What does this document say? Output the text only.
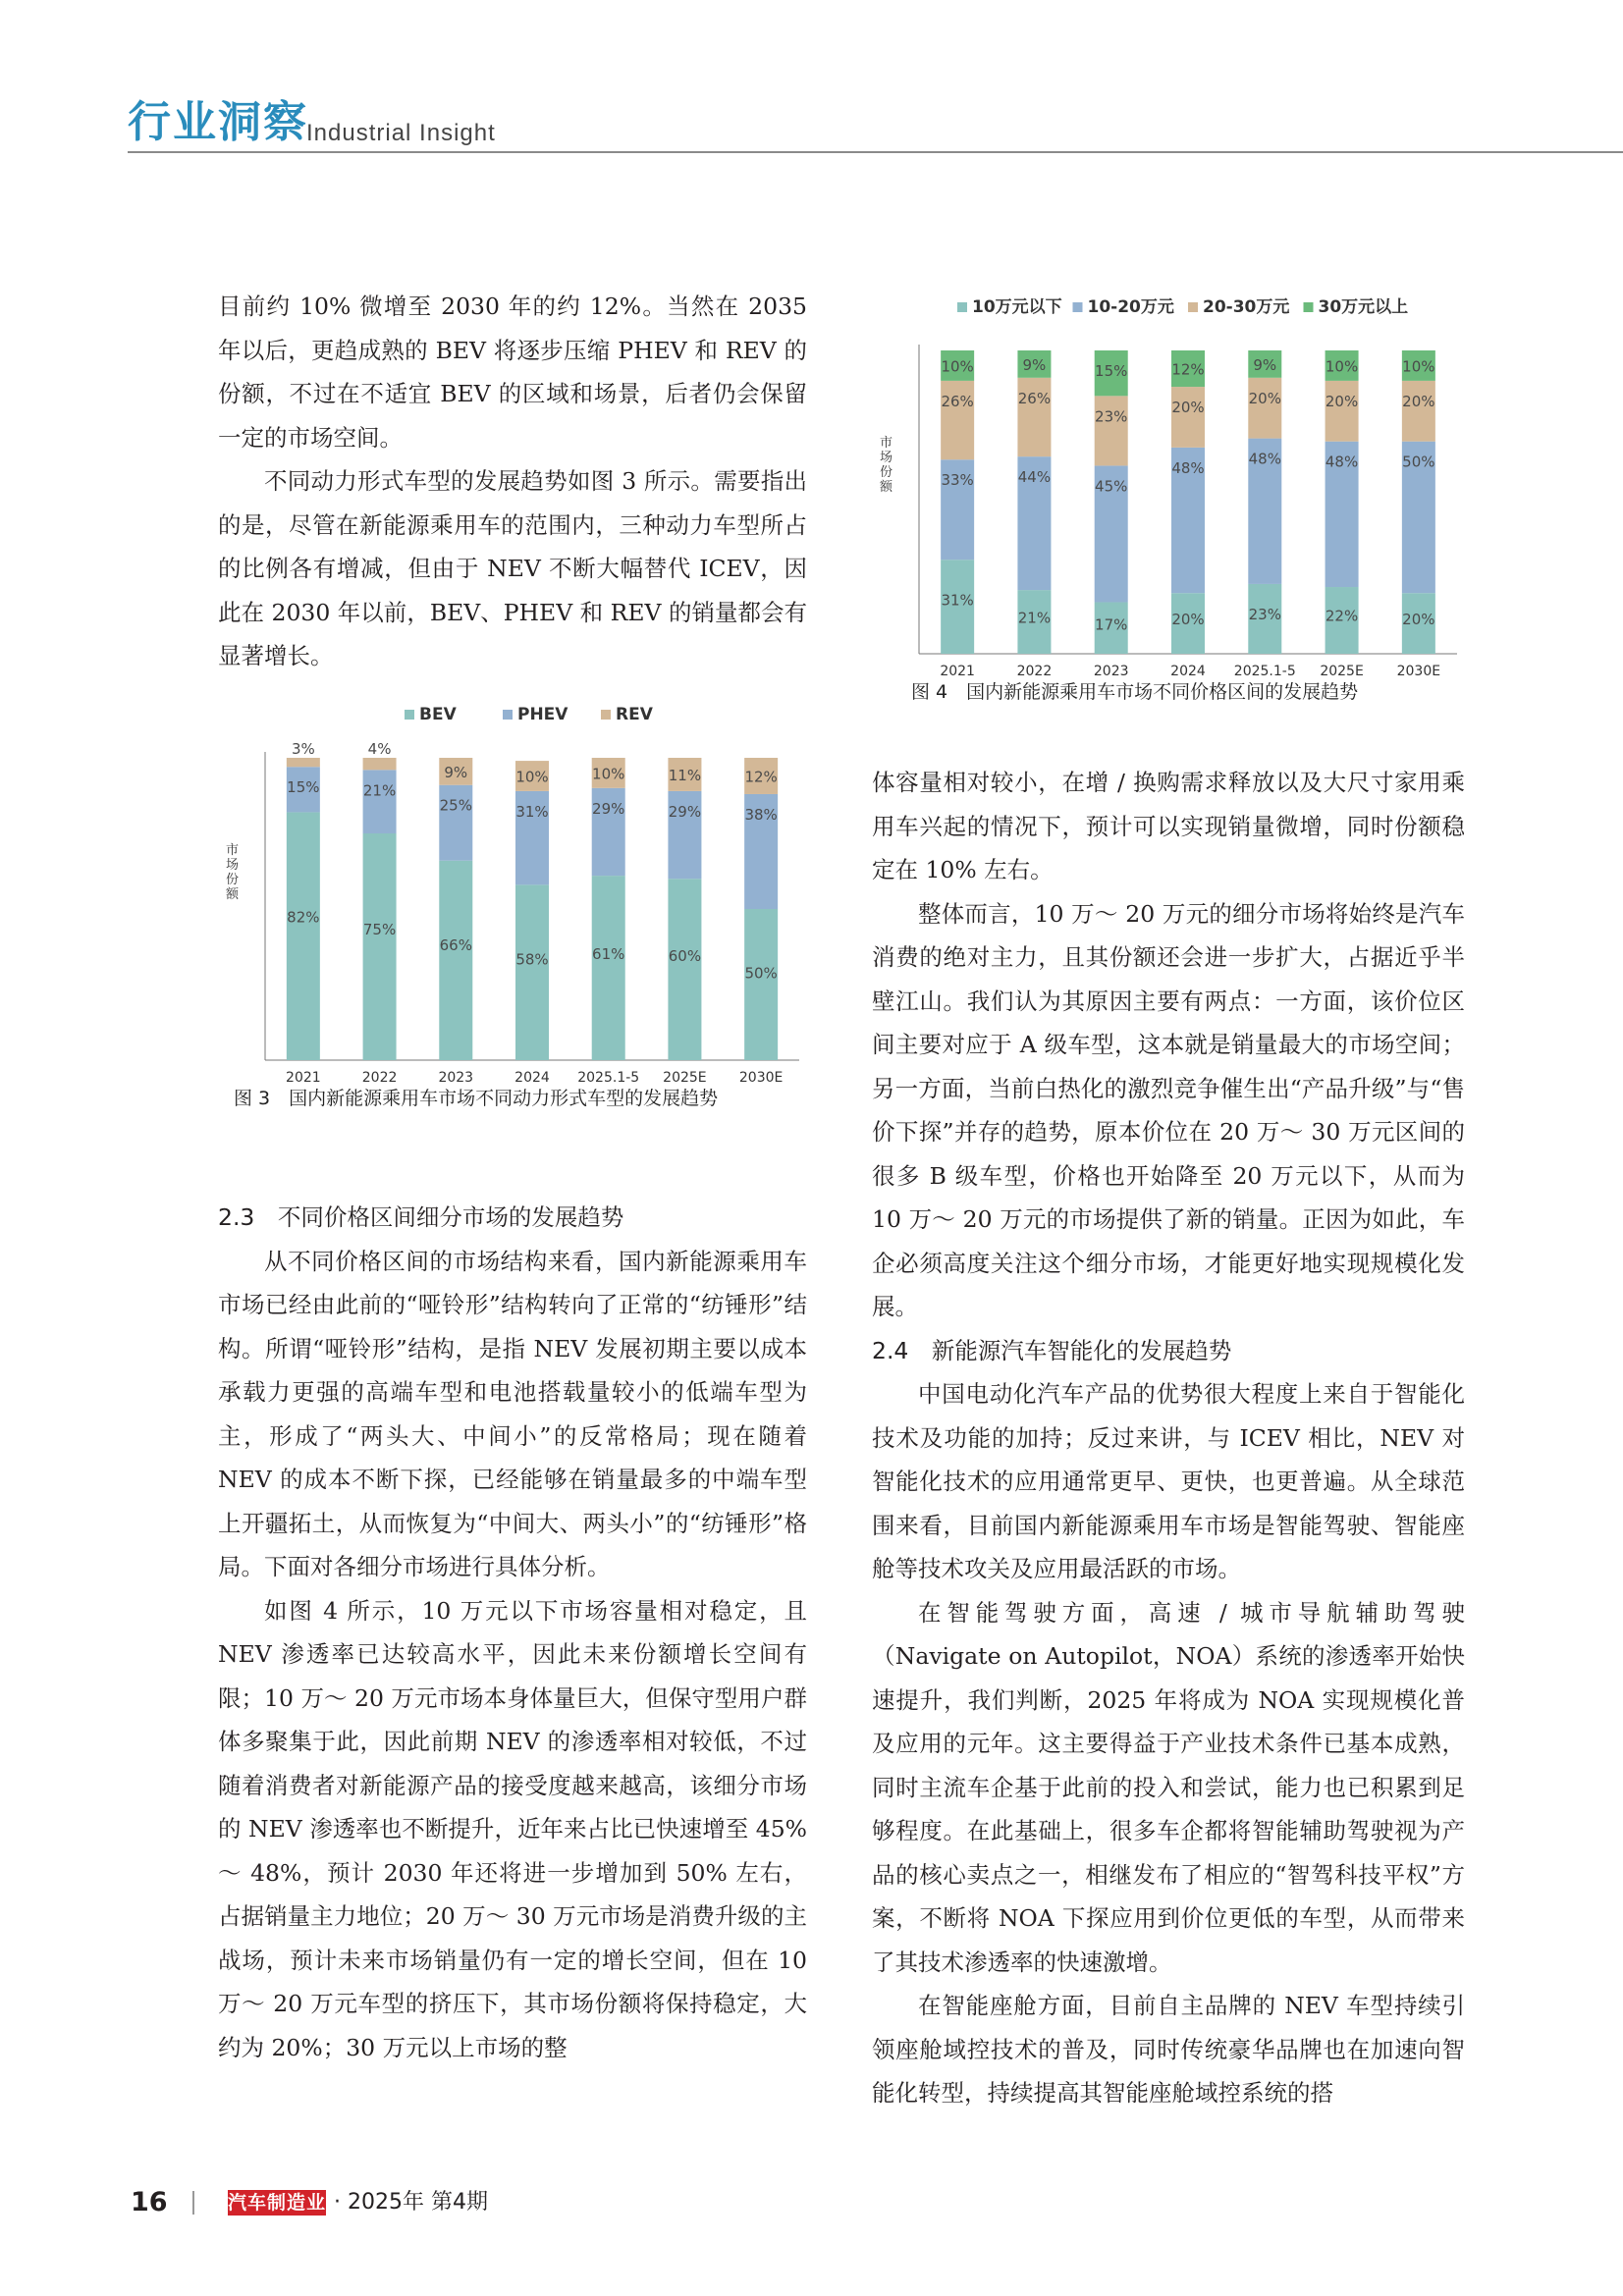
行业洞察
Industrial Insight

目前约 10% 微增至 2030 年的约 12%。当然在 2035 年以后，更趋成熟的 BEV 将逐步压缩 PHEV 和 REV 的份额，不过在不适宜 BEV 的区域和场景，后者仍会保留一定的市场空间。

不同动力形式车型的发展趋势如图 3 所示。需要指出的是，尽管在新能源乘用车的范围内，三种动力车型所占的比例各有增减，但由于 NEV 不断大幅替代 ICEV，因此在 2030 年以前，BEV、PHEV 和 REV 的销量都会有显著增长。

BEV	PHEV	REV
市
场
份
额
82%
15%
3%
2021
75%
21%
4%
2022
66%
25%
9%
2023
58%
31%
10%
2024
61%
29%
10%
2025.1-5
60%
29%
11%
2025E
50%
38%
12%
2030E
图 3　国内新能源乘用车市场不同动力形式车型的发展趋势
2.3　不同价格区间细分市场的发展趋势

从不同价格区间的市场结构来看，国内新能源乘用车市场已经由此前的“哑铃形”结构转向了正常的“纺锤形”结构。所谓“哑铃形”结构，是指 NEV 发展初期主要以成本承载力更强的高端车型和电池搭载量较小的低端车型为主，形成了“两头大、中间小”的反常格局；现在随着 NEV 的成本不断下探，已经能够在销量最多的中端车型上开疆拓土，从而恢复为“中间大、两头小”的“纺锤形”格局。下面对各细分市场进行具体分析。

如图 4 所示，10 万元以下市场容量相对稳定，且 NEV 渗透率已达较高水平，因此未来份额增长空间有限；10 万～ 20 万元市场本身体量巨大，但保守型用户群体多聚集于此，因此前期 NEV 的渗透率相对较低，不过随着消费者对新能源产品的接受度越来越高，该细分市场的 NEV 渗透率也不断提升，近年来占比已快速增至 45% ～ 48%，预计 2030 年还将进一步增加到 50% 左右，占据销量主力地位；20 万～ 30 万元市场是消费升级的主战场，预计未来市场销量仍有一定的增长空间，但在 10 万～ 20 万元车型的挤压下，其市场份额将保持稳定，大约为 20%；30 万元以上市场的整

10万元以下 10-20万元 20-30万元 30万元以上
市
场
份
额
31%
33%
26%
10%
2021
21%
44%
26%
9%
2022
17%
45%
23%
15%
2023
20%
48%
20%
12%
2024
23%
48%
20%
9%
2025.1-5
22%
48%
20%
10%
2025E
20%
50%
20%
10%
2030E
图 4　国内新能源乘用车市场不同价格区间的发展趋势

体容量相对较小，在增 / 换购需求释放以及大尺寸家用乘用车兴起的情况下，预计可以实现销量微增，同时份额稳定在 10% 左右。

整体而言，10 万～ 20 万元的细分市场将始终是汽车消费的绝对主力，且其份额还会进一步扩大，占据近乎半壁江山。我们认为其原因主要有两点：一方面，该价位区间主要对应于 A 级车型，这本就是销量最大的市场空间；另一方面，当前白热化的激烈竞争催生出“产品升级”与“售价下探”并存的趋势，原本价位在 20 万～ 30 万元区间的很多 B 级车型，价格也开始降至 20 万元以下，从而为 10 万～ 20 万元的市场提供了新的销量。正因为如此，车企必须高度关注这个细分市场，才能更好地实现规模化发展。

2.4　新能源汽车智能化的发展趋势

中国电动化汽车产品的优势很大程度上来自于智能化技术及功能的加持；反过来讲，与 ICEV 相比，NEV 对智能化技术的应用通常更早、更快，也更普遍。从全球范围来看，目前国内新能源乘用车市场是智能驾驶、智能座舱等技术攻关及应用最活跃的市场。

在智能驾驶方面，高速 / 城市导航辅助驾驶（Navigate on Autopilot，NOA）系统的渗透率开始快速提升，我们判断，2025 年将成为 NOA 实现规模化普及应用的元年。这主要得益于产业技术条件已基本成熟，同时主流车企基于此前的投入和尝试，能力也已积累到足够程度。在此基础上，很多车企都将智能辅助驾驶视为产品的核心卖点之一，相继发布了相应的“智驾科技平权”方案，不断将 NOA 下探应用到价位更低的车型，从而带来了其技术渗透率的快速激增。

在智能座舱方面，目前自主品牌的 NEV 车型持续引领座舱域控技术的普及，同时传统豪华品牌也在加速向智能化转型，持续提高其智能座舱域控系统的搭

16	汽车制造业 · 2025年 第4期
